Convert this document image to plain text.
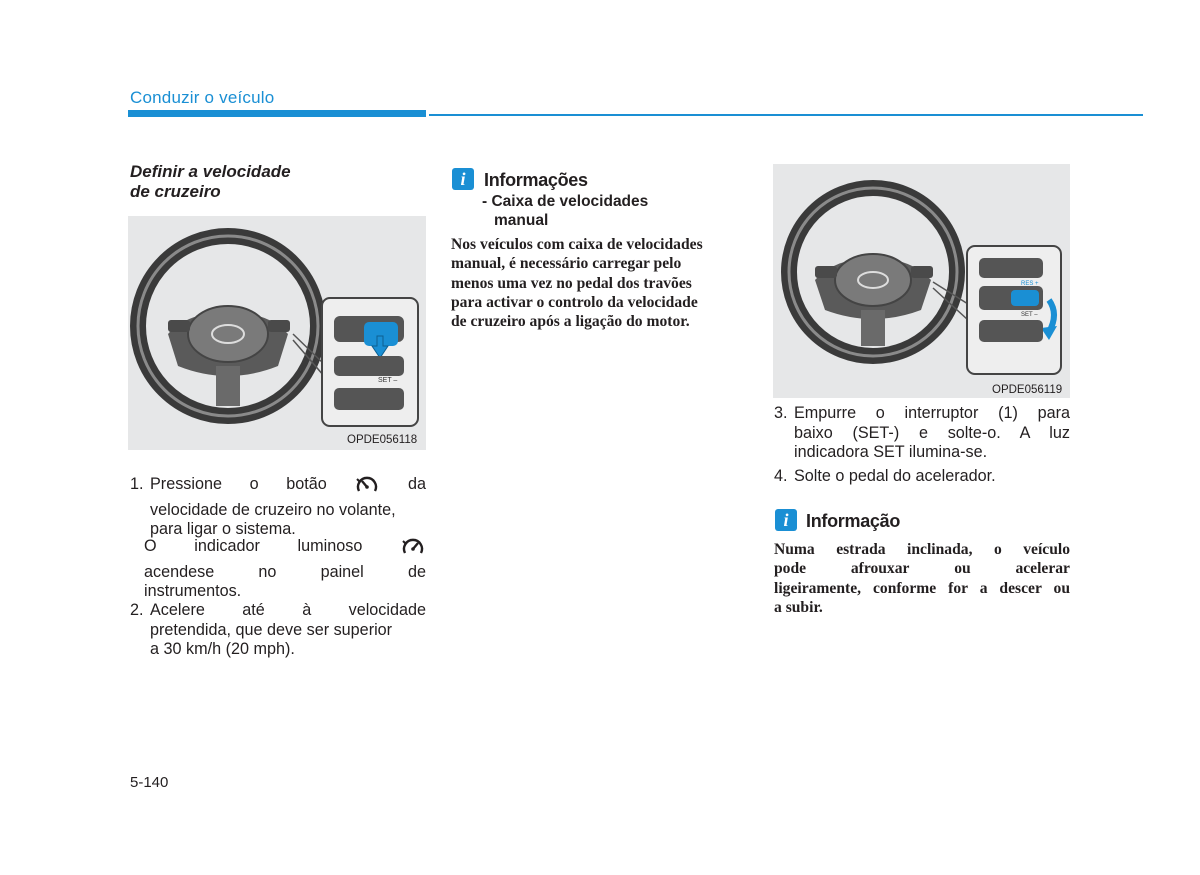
Conduzir o veículo
Definir a velocidade
de cruzeiro
SET –
OPDE056118
1. Pressione o botão	da
velocidade de cruzeiro no volante,
para ligar o sistema.
O indicador luminoso
acendese	no	painel	de
instrumentos.
2. Acelere até à velocidade
pretendida, que deve ser superior
a 30 km/h (20 mph).
i	Informações
- Caixa de velocidades
manual
Nos veículos com caixa de velocidades
manual, é necessário carregar pelo
menos uma vez no pedal dos travões
para activar o controlo da velocidade
de cruzeiro após a ligação do motor.
RES +
SET –
OPDE056119
3. Empurre o interruptor (1) para
baixo (SET-) e solte-o. A luz
indicadora SET ilumina-se.
4. Solte o pedal do acelerador.
i Informação
Numa estrada inclinada, o veículo
pode	afrouxar	ou	acelerar
ligeiramente, conforme for a descer ou
a subir.
5-140
